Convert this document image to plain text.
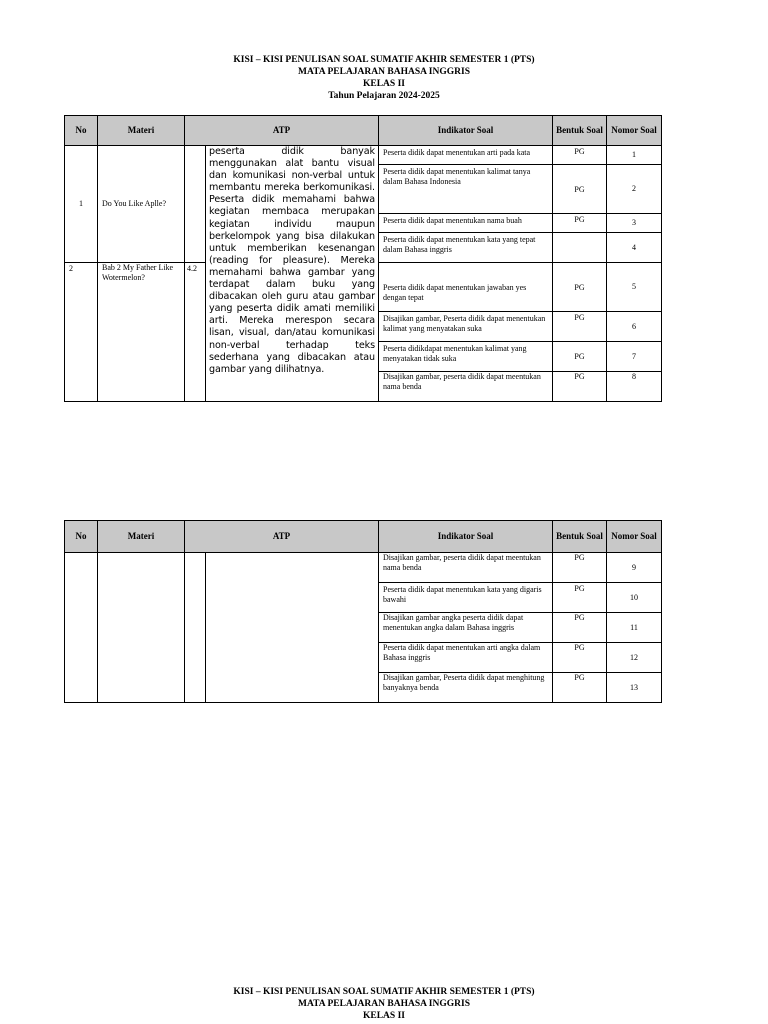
KISI – KISI PENULISAN SOAL SUMATIF AKHIR SEMESTER 1 (PTS)
MATA PELAJARAN BAHASA INGGRIS
KELAS II
Tahun Pelajaran 2024-2025
No	Materi	ATP		Indikator Soal	Bentuk Soal	Nomor Soal
1	Do You Like Aplle?		peserta didik banyak menggunakan alat bantu visual dan komunikasi non-verbal untuk membantu mereka berkomunikasi. Peserta didik memahami bahwa kegiatan membaca merupakan kegiatan individu maupun berkelompok yang bisa dilakukan untuk memberikan kesenangan (reading for pleasure). Mereka memahami bahwa gambar yang terdapat dalam buku yang dibacakan oleh guru atau gambar yang peserta didik amati memiliki arti. Mereka merespon secara lisan, visual, dan/atau komunikasi non-verbal terhadap teks sederhana yang dibacakan atau gambar yang dilihatnya.	Peserta didik dapat menentukan arti pada kata	PG	1
				Peserta didik dapat menentukan kalimat tanya dalam Bahasa Indonesia	PG	2
				Peserta didik dapat menentukan nama buah	PG	3
				Peserta didik dapat menentukan kata yang tepat dalam Bahasa inggris		4
2	Bab 2 My Father Like Wotermelon?	4.2		Peserta didik dapat menentukan jawaban yes dengan tepat	PG	5
				Disajikan gambar, Peserta didik dapat menentukan kalimat yang menyatakan suka	PG	6
				Peserta didikdapat menentukan kalimat yang menyatakan tidak suka	PG	7
				Disajikan gambar, peserta didik dapat meentukan nama benda	PG	8
No	Materi	ATP		Indikator Soal	Bentuk Soal	Nomor Soal
				Disajikan gambar, peserta didik dapat meentukan nama benda	PG	9
				Peserta didik dapat menentukan kata yang digaris bawahi	PG	10
				Disajikan gambar angka peserta didik dapat menentukan angka dalam Bahasa inggris	PG	11
				Peserta didik dapat menentukan arti angka dalam Bahasa inggris	PG	12
				Disajikan gambar, Peserta didik dapat menghitung banyaknya benda	PG	13
KISI – KISI PENULISAN SOAL SUMATIF AKHIR SEMESTER 1 (PTS)
MATA PELAJARAN BAHASA INGGRIS
KELAS II
